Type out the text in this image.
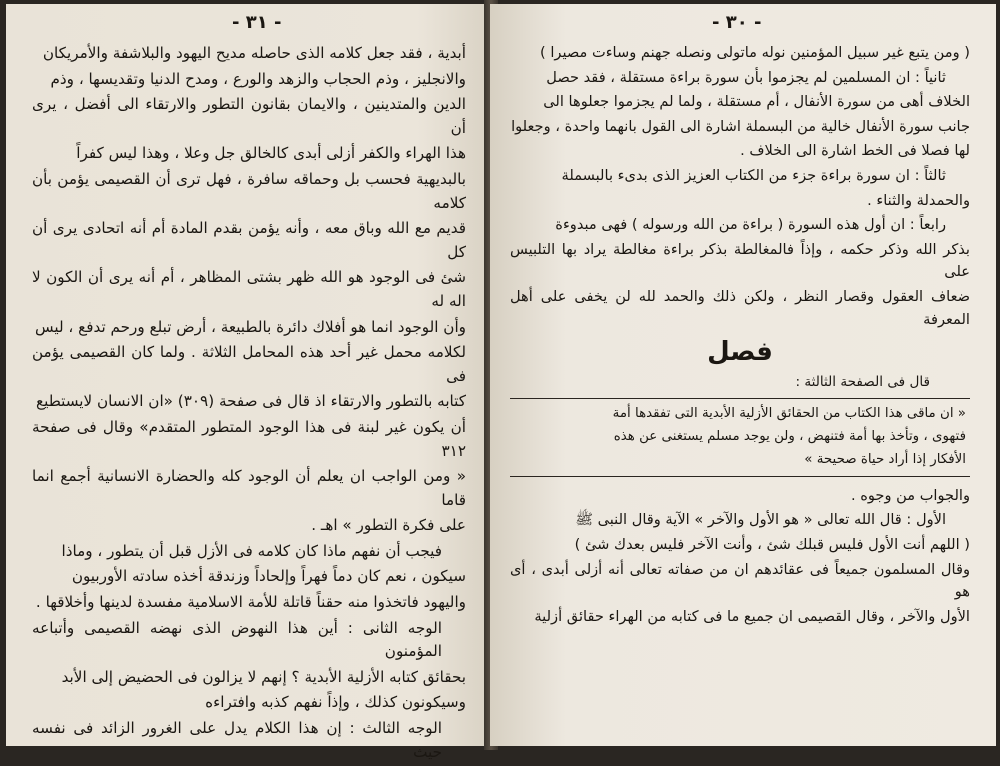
- ٣١ -
أبدية ، فقد جعل كلامه الذى حاصله مديح اليهود والبلاشفة والأمريكان
والانجليز ، وذم الحجاب والزهد والورع ، ومدح الدنيا وتقديسها ، وذم
الدين والمتدينين ، والايمان بقانون التطور والارتقاء الى أفضل ، يرى أن
هذا الهراء والكفر أزلى أبدى كالخالق جل وعلا ، وهذا ليس كفراً
بالبديهية فحسب بل وحماقه سافرة ، فهل ترى أن القصيمى يؤمن بأن كلامه
قديم مع الله وباق معه ، وأنه يؤمن بقدم المادة أم أنه اتحادى يرى أن كل
شئ فى الوجود هو الله ظهر بشتى المظاهر ، أم أنه يرى أن الكون لا اله له
وأن الوجود انما هو أفلاك دائرة بالطبيعة ، أرض تبلع ورحم تدفع ، ليس
لكلامه محمل غير أحد هذه المحامل الثلاثة . ولما كان القصيمى يؤمن فى
كتابه بالتطور والارتقاء اذ قال فى صفحة (٣٠٩) «ان الانسان لايستطيع
أن يكون غير لبنة فى هذا الوجود المتطور المتقدم» وقال فى صفحة ٣١٢
« ومن الواجب ان يعلم أن الوجود كله والحضارة الانسانية أجمع انما قاما
على فكرة التطور » اهـ .
فيجب أن نفهم ماذا كان كلامه فى الأزل قبل أن يتطور ، وماذا
سيكون ، نعم كان دماً فهراً وإلحاداً وزندقة أخذه سادته الأوربيون
واليهود فاتخذوا منه حقناً قاتلة للأمة الاسلامية مفسدة لدينها وأخلاقها .
الوجه الثانى : أين هذا النهوض الذى نهضه القصيمى وأتباعه المؤمنون
بحقائق كتابه الأزلية الأبدية ؟ إنهم لا يزالون فى الحضيض إلى الأبد
وسيكونون كذلك ، وإذاً نفهم كذبه وافتراءه
الوجه الثالث : إن هذا الكلام يدل على الغرور الزائد فى نفسه حيث
- ٣٠ -
( ومن يتبع غير سبيل المؤمنين نوله ماتولى ونصله جهنم وساءت مصيرا )
ثانياً : ان المسلمين لم يجزموا بأن سورة براءة مستقلة ، فقد حصل
الخلاف أهى من سورة الأنفال ، أم مستقلة ، ولما لم يجزموا جعلوها الى
جانب سورة الأنفال خالية من البسملة اشارة الى القول بانهما واحدة ، وجعلوا
لها فصلا فى الخط اشارة الى الخلاف .
ثالثاً : ان سورة براءة جزء من الكتاب العزيز الذى بدىء بالبسملة
والحمدلة والثناء .
رابعاً : ان أول هذه السورة ( براءة من الله ورسوله ) فهى مبدوءة
بذكر الله وذكر حكمه ، وإذاً فالمغالطة بذكر براءة مغالطة يراد بها التلبيس على
ضعاف العقول وقصار النظر ، ولكن ذلك والحمد لله لن يخفى على أهل المعرفة
فصل
قال فى الصفحة الثالثة :
« ان ماقى هذا الكتاب من الحقائق الأزلية الأبدية التى تفقدها أمة
فتهوى ، وتأخذ بها أمة فتنهض ، ولن يوجد مسلم يستغنى عن هذه
الأفكار إذا أراد حياة صحيحة »
والجواب من وجوه .
الأول : قال الله تعالى « هو الأول والآخر » الآية وقال النبى ﷺ
( اللهم أنت الأول فليس قبلك شئ ، وأنت الآخر فليس بعدك شئ )
وقال المسلمون جميعاً فى عقائدهم ان من صفاته تعالى أنه أزلى أبدى ، أى هو
الأول والآخر ، وقال القصيمى ان جميع ما فى كتابه من الهراء حقائق أزلية
